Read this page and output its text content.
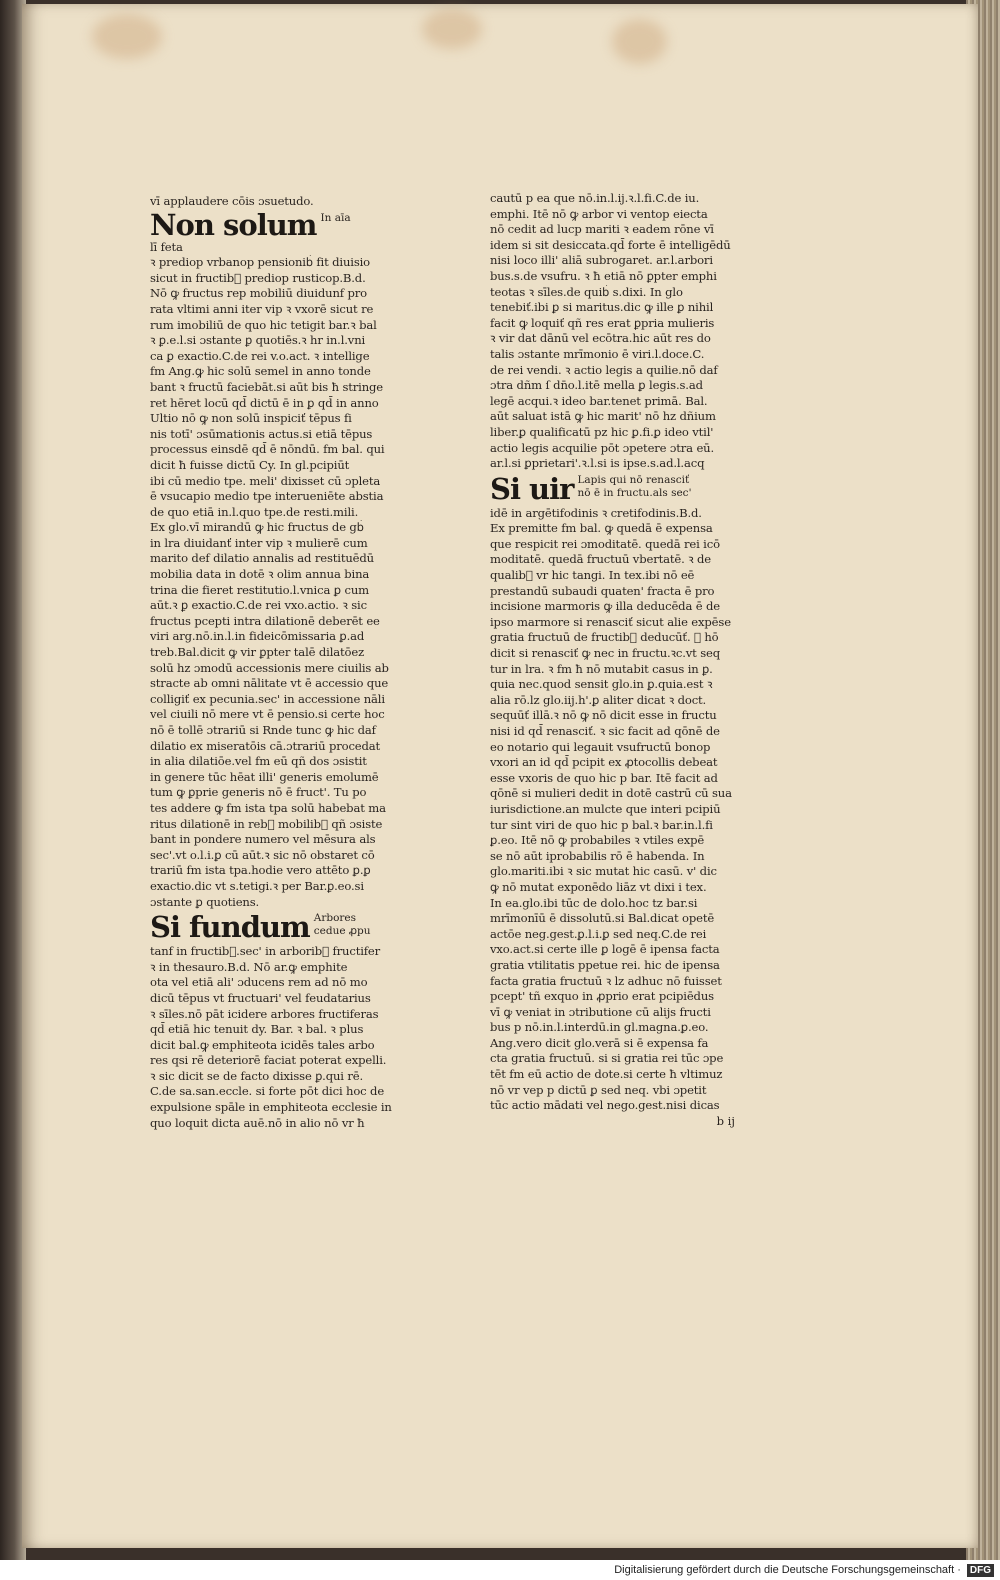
vī applaudere cōis ɔsuetudo.
Non solum In aīa
lī feta
ꝛ prediop vrbanop pensionib᷒ fit diuisio
sicut in fructib᷒ prediop rusticop.B.d.
Nō ꝙ fructus rep mobiliū diuidunf pro
rata vltimi anni iter vip ꝛ vxorē sicut re
rum imobiliū de quo hic tetigit bar.ꝛ bal
ꝛ ꝑ.e.l.si ɔstante ꝑ quotiēs.ꝛ hr in.l.vni
ca ꝑ exactio.C.de rei v.o.act. ꝛ intellige
fm Ang.ꝙ hic solū semel in anno tonde
bant ꝛ fructū faciebāt.si aūt bis ħ stringe
ret hēret locū qd̄ dictū ē in ꝑ qd̄ in anno
Ultio nō ꝙ non solū inspiciť tēpus fi
nis totī' ɔsūmationis actus.si etiā tēpus
processus einsdē qd̄ ē nōndū. fm bal. qui
dicit ħ fuisse dictū Cy. In gl.pcipiūt
ibi cū medio tpe. meli' dixisset cū ɔpleta
ē vsucapio medio tpe interueniēte abstia
de quo etiā in.l.quo tpe.de resti.mili.
Ex glo.vī mirandū ꝙ hic fructus de gb᷒
in lra diuidanť inter vip ꝛ mulierē cum
marito def dilatio annalis ad restituēdū
mobilia data in dotē ꝛ olim annua bina
trina die fieret restitutio.l.vnica ꝑ cum
aūt.ꝛ ꝑ exactio.C.de rei vxo.actio. ꝛ sic
fructus pcepti intra dilationē deberēt ee
viri arg.nō.in.l.in fideicōmissaria ꝑ.ad
treb.Bal.dicit ꝙ vir ꝑpter talē dilatōez
solū hz ɔmodū accessionis mere ciuilis ab
stracte ab omni nālitate vt ē accessio que
colligiť ex pecunia.sec' in accessione nāli
vel ciuili nō mere vt ē pensio.si certe hoc
nō ē tollē ɔtrariū si Rnde tunc ꝙ hic daf
dilatio ex miseratōis cā.ɔtrariū procedat
in alia dilatiōe.vel fm eū qñ dos ɔsistit
in genere tūc hēat illi' generis emolumē
tum ꝙ ꝑprie generis nō ē fruct'. Tu po
tes addere ꝙ fm ista tpa solū habebat ma
ritus dilationē in reb᷒ mobilib᷒ qñ ɔsiste
bant in pondere numero vel mēsura als
sec'.vt o.l.i.ꝑ cū aūt.ꝛ sic nō obstaret cō
trariū fm ista tpa.hodie vero attēto ꝑ.ꝑ
exactio.dic vt s.tetigi.ꝛ per Bar.ꝑ.eo.si
ɔstante ꝑ quotiens.
Si fundum Arbores
cedue ꝓpu
tanf in fructib᷒.sec' in arborib᷒ fructifer
ꝛ in thesauro.B.d. Nō ar.ꝙ emphite
ota vel etiā ali' ɔducens rem ad nō mo
dicū tēpus vt fructuari' vel feudatarius
ꝛ sīles.nō pāt icidere arbores fructiferas
qd̄ etiā hic tenuit dy. Bar. ꝛ bal. ꝛ plus
dicit bal.ꝙ emphiteota icidēs tales arbo
res qsi rē deteriorē faciat poterat expelli.
ꝛ sic dicit se de facto dixisse ꝑ.qui rē.
C.de sa.san.eccle. si forte pōt dici hoc de
expulsione spāle in emphiteota ecclesie in
quo loquit dicta auē.nō in alio nō vr ħ
cautū p ea que nō.in.l.ij.ꝛ.l.fi.C.de iu.
emphi. Itē nō ꝙ arbor vi ventop eiecta
nō cedit ad lucp mariti ꝛ eadem rōne vī
idem si sit desiccata.qd̄ forte ē intelligēdū
nisi loco illi' aliā subrogaret. ar.l.arbori
bus.s.de vsufru. ꝛ ħ etiā nō ꝑpter emphi
teotas ꝛ sīles.de quib᷒ s.dixi. In glo
tenebiť.ibi ꝑ si maritus.dic ꝙ ille ꝑ nihil
facit ꝙ loquiť qñ res erat ꝑpria mulieris
ꝛ vir dat dānū vel ecōtra.hic aūt res do
talis ɔstante mrīmonio ē viri.l.doce.C.
de rei vendi. ꝛ actio legis a quilie.nō daf
ɔtra dñm ſ dn̄o.l.itē mella ꝑ legis.s.ad
legē acqui.ꝛ ideo bar.tenet primā. Bal.
aūt saluat istā ꝙ hic marit' nō hz dñium
liber.ꝑ qualificatū pz hic ꝑ.fi.ꝑ ideo vtil'
actio legis acquilie pōt ɔpetere ɔtra eū.
ar.l.si ꝑprietari'.ꝛ.l.si is ipse.s.ad.l.acq
Si uir Lapis qui nō renasciť
nō ē in fructu.als sec'
idē in argētifodinis ꝛ cretifodinis.B.d.
Ex premitte fm bal. ꝙ quedā ē expensa
que respicit rei ɔmoditatē. quedā rei icō
moditatē. quedā fructuū vbertatē. ꝛ de
qualib᷒ vr hic tangi. In tex.ibi nō eē
prestandū subaudi quaten' fracta ē pro
incisione marmoris ꝙ illa deducēda ē de
ipso marmore si renasciť sicut alie expēse
gratia fructuū de fructib᷒ deducūť. ꝛ hō
dicit si renasciť ꝙ nec in fructu.ꝛc.vt seq
tur in lra. ꝛ fm ħ nō mutabit casus in ꝑ.
quia nec.quod sensit glo.in ꝑ.quia.est ꝛ
alia rō.lz glo.iij.h'.ꝑ aliter dicat ꝛ doct.
sequūť illā.ꝛ nō ꝙ nō dicit esse in fructu
nisi id qd̄ renasciť. ꝛ sic facit ad qōnē de
eo notario qui legauit vsufructū bonop
vxori an id qd̄ pcipit ex ꝓtocollis debeat
esse vxoris de quo hic p bar. Itē facit ad
qōnē si mulieri dedit in dotē castrū cū sua
iurisdictione.an mulcte que interi pcipiū
tur sint viri de quo hic p bal.ꝛ bar.in.l.fi
ꝑ.eo. Itē nō ꝙ probabiles ꝛ vtiles expē
se nō aūt iprobabilis rō ē habenda. In
glo.mariti.ibi ꝛ sic mutat hic casū. v' dic
ꝙ nō mutat exponēdo liāz vt dixi i tex.
In ea.glo.ibi tūc de dolo.hoc tz bar.si
mrīmonīū ē dissolutū.si Bal.dicat opetē
actōe neg.gest.ꝑ.l.i.ꝑ sed neq.C.de rei
vxo.act.si certe ille ꝑ logē ē ipensa facta
gratia vtilitatis ppetue rei. hic de ipensa
facta gratia fructuū ꝛ lz adhuc nō fuisset
pcept' tñ exquo in ꝓprio erat pcipiēdus
vī ꝙ veniat in ɔtributione cū alijs fructi
bus p nō.in.l.interdū.in gl.magna.ꝑ.eo.
Ang.vero dicit glo.verā si ē expensa fa
cta gratia fructuū. si si gratia rei tūc ɔpe
tēt fm eū actio de dote.si certe ħ vltimuz
nō vr vep p dictū ꝑ sed neq. vbi ɔpetit
tūc actio mādati vel nego.gest.nisi dicas
b ij
Digitalisierung gefördert durch die Deutsche Forschungsgemeinschaft · DFG
